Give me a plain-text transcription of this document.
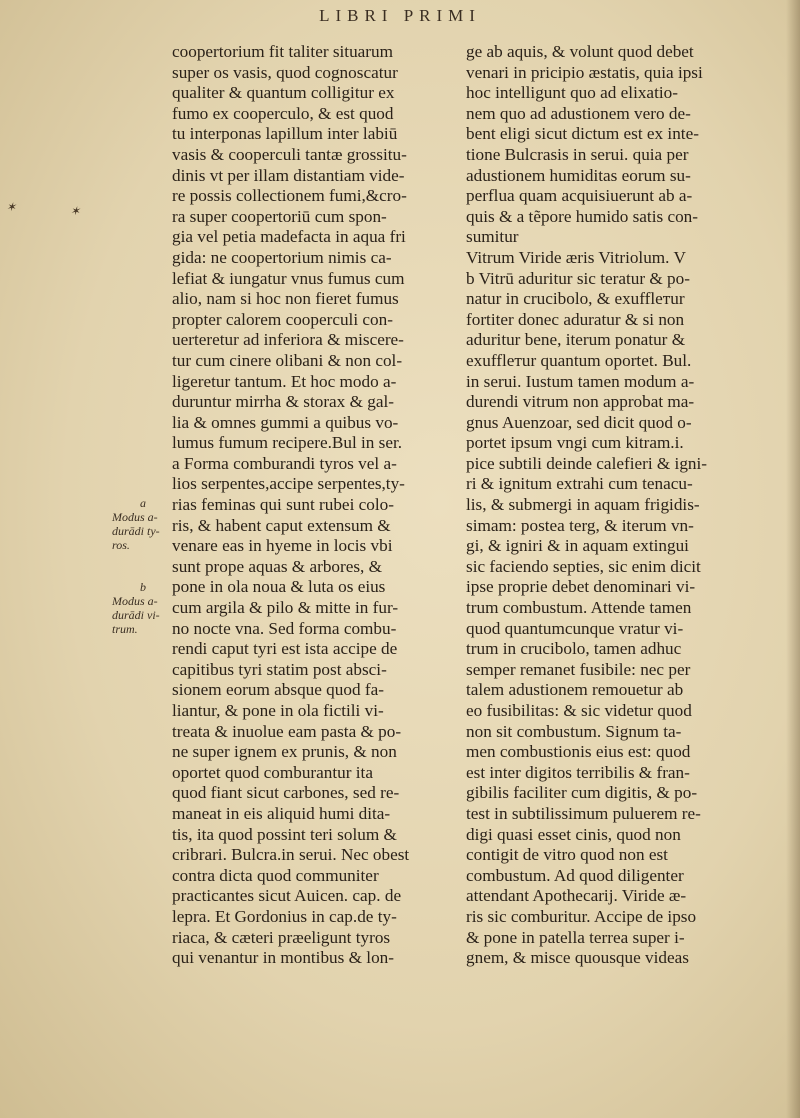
LIBRI PRIMI
✶	✶
a
Modus a-
durādi ty-
ros.
b
Modus a-
durādi vi-
trum.
coopertorium fit taliter situarum
super os vasis, quod cognoscatur
qualiter & quantum colligitur ex
fumo ex cooperculo, & est quod
tu interponas lapillum inter labiū
vasis & cooperculi tantæ grossitu-
dinis vt per illam distantiam vide-
re possis collectionem fumi,&cro-
ra super coopertoriū cum spon-
gia vel petia madefacta in aqua fri
gida: ne coopertorium nimis ca-
lefiat & iungatur vnus fumus cum
alio, nam si hoc non fieret fumus
propter calorem cooperculi con-
uerteretur ad inferiora & miscere-
tur cum cinere olibani & non col-
ligeretur tantum. Et hoc modo a-
duruntur mirrha & storax & gal-
lia & omnes gummi a quibus vo-
lumus fumum recipere.Bul in ser.
a Forma comburandi tyros vel a-
lios serpentes,accipe serpentes,ty-
rias feminas qui sunt rubei colo-
ris, & habent caput extensum &
venare eas in hyeme in locis vbi
sunt prope aquas & arbores, &
pone in ola noua & luta os eius
cum argila & pilo & mitte in fur-
no nocte vna. Sed forma combu-
rendi caput tyri est ista accipe de
capitibus tyri statim post absci-
sionem eorum absque quod fa-
liantur, & pone in ola fictili vi-
treata & inuolue eam pasta & po-
ne super ignem ex prunis, & non
oportet quod comburantur ita
quod fiant sicut carbones, sed re-
maneat in eis aliquid humi dita-
tis, ita quod possint teri solum &
cribrari. Bulcra.in serui. Nec obest
contra dicta quod communiter
practicantes sicut Auicen. cap. de
lepra. Et Gordonius in cap.de ty-
riaca, & cæteri præeligunt tyros
qui venantur in montibus & lon-
ge ab aquis, & volunt quod debet
venari in pricipio æstatis, quia ipsi
hoc intelligunt quo ad elixatio-
nem quo ad adustionem vero de-
bent eligi sicut dictum est ex inte-
tione Bulcrasis in serui. quia per
adustionem humiditas eorum su-
perflua quam acquisiuerunt ab a-
quis & a tẽpore humido satis con-
sumitur
Vitrum Viride æris Vitriolum. V
b Vitrū aduritur sic teratur & po-
natur in crucibolo, & exufflетur
fortiter donec aduratur & si non
aduritur bene, iterum ponatur &
exufflетur quantum oportet. Bul.
in serui. Iustum tamen modum a-
durendi vitrum non approbat ma-
gnus Auenzoar, sed dicit quod o-
portet ipsum vngi cum kitram.i.
pice subtili deinde calefieri & igni-
ri & ignitum extrahi cum tenacu-
lis, & submergi in aquam frigidis-
simam: postea terg, & iterum vn-
gi, & igniri & in aquam extingui
sic faciendo septies, sic enim dicit
ipse proprie debet denominari vi-
trum combustum. Attende tamen
quod quantumcunque vratur vi-
trum in crucibolo, tamen adhuc
semper remanet fusibile: nec per
talem adustionem remouetur ab
eo fusibilitas: & sic videtur quod
non sit combustum. Signum ta-
men combustionis eius est: quod
est inter digitos terribilis & fran-
gibilis faciliter cum digitis, & po-
test in subtilissimum puluerem re-
digi quasi esset cinis, quod non
contigit de vitro quod non est
combustum. Ad quod diligenter
attendant Apothecarij. Viride æ-
ris sic comburitur. Accipe de ipso
& pone in patella terrea super i-
gnem, & misce quousque videas
